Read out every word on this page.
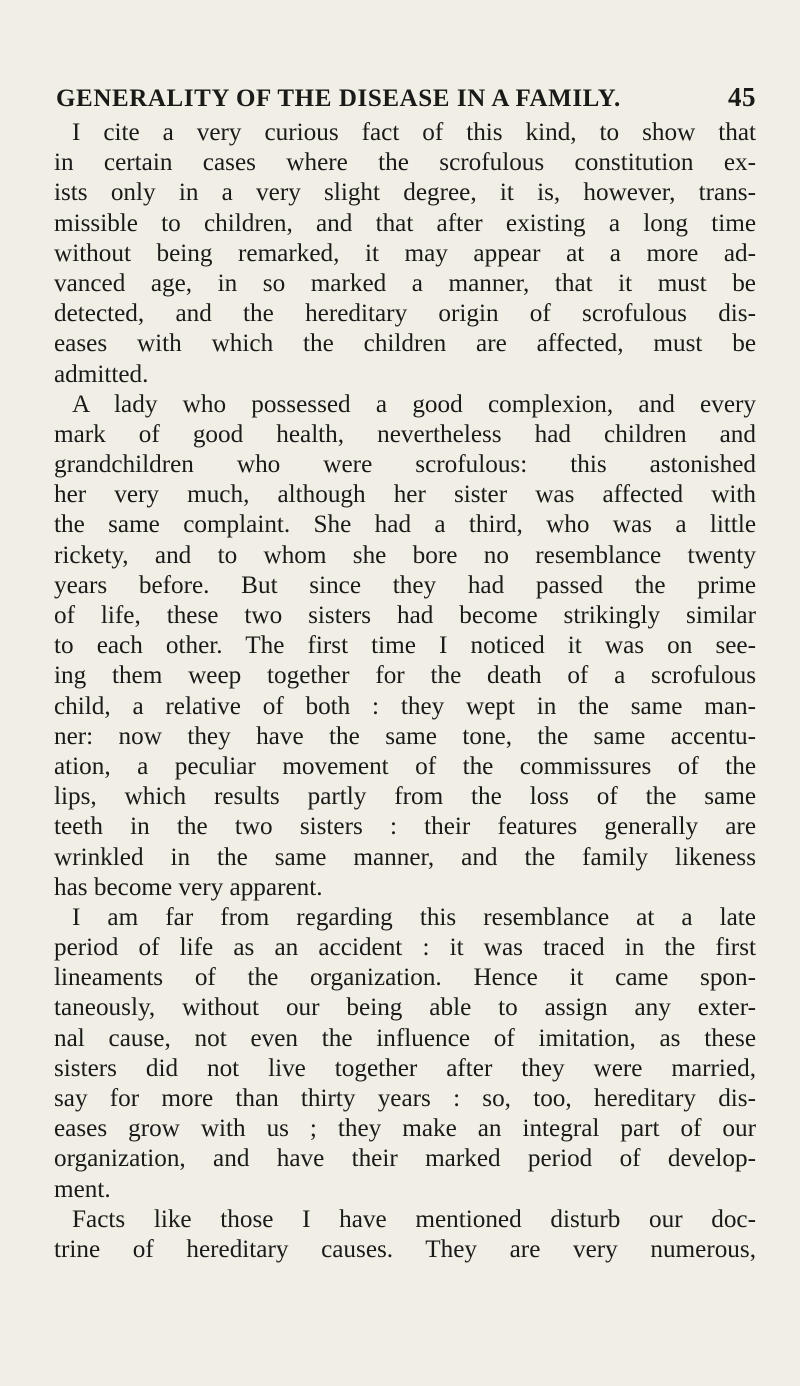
GENERALITY OF THE DISEASE IN A FAMILY.	45

I cite a very curious fact of this kind, to show that
in certain cases where the scrofulous constitution ex-
ists only in a very slight degree, it is, however, trans-
missible to children, and that after existing a long time
without being remarked, it may appear at a more ad-
vanced age, in so marked a manner, that it must be
detected, and the hereditary origin of scrofulous dis-
eases with which the children are affected, must be
admitted.

A lady who possessed a good complexion, and every
mark of good health, nevertheless had children and
grandchildren who were scrofulous: this astonished
her very much, although her sister was affected with
the same complaint. She had a third, who was a little
rickety, and to whom she bore no resemblance twenty
years before. But since they had passed the prime
of life, these two sisters had become strikingly similar
to each other. The first time I noticed it was on see-
ing them weep together for the death of a scrofulous
child, a relative of both : they wept in the same man-
ner: now they have the same tone, the same accentu-
ation, a peculiar movement of the commissures of the
lips, which results partly from the loss of the same
teeth in the two sisters : their features generally are
wrinkled in the same manner, and the family likeness
has become very apparent.

I am far from regarding this resemblance at a late
period of life as an accident : it was traced in the first
lineaments of the organization. Hence it came spon-
taneously, without our being able to assign any exter-
nal cause, not even the influence of imitation, as these
sisters did not live together after they were married,
say for more than thirty years : so, too, hereditary dis-
eases grow with us ; they make an integral part of our
organization, and have their marked period of develop-
ment.

Facts like those I have mentioned disturb our doc-
trine of hereditary causes. They are very numerous,
